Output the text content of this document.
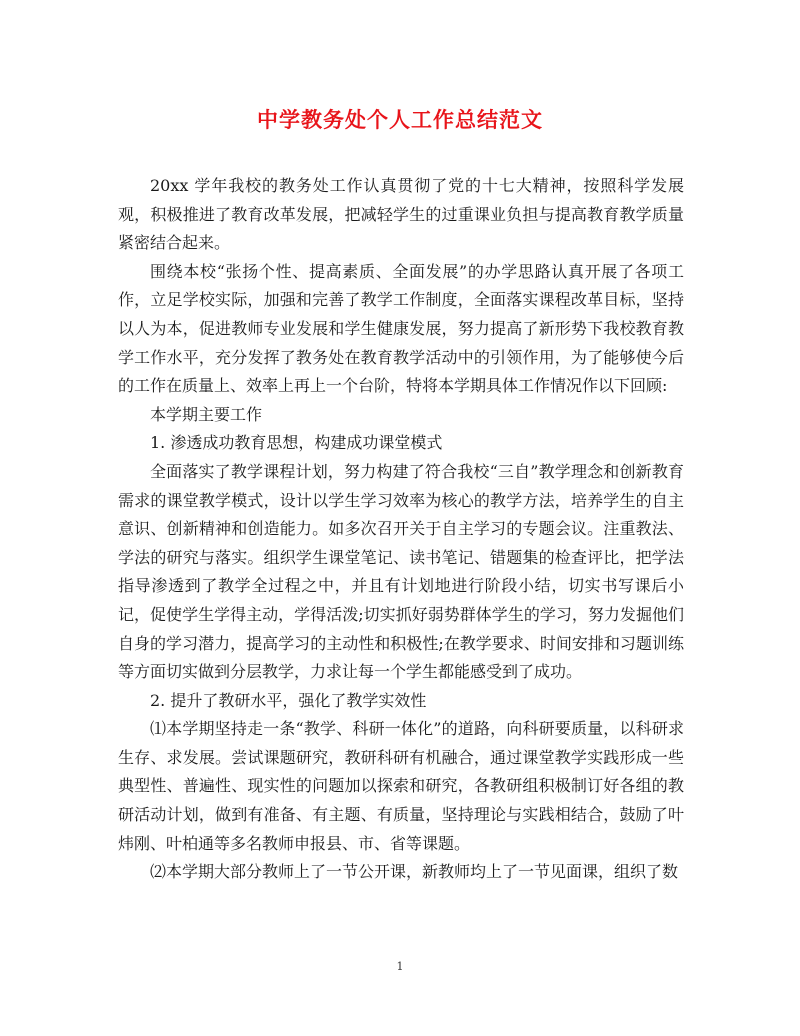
中学教务处个人工作总结范文

20xx 学年我校的教务处工作认真贯彻了党的十七大精神，按照科学发展观，积极推进了教育改革发展，把减轻学生的过重课业负担与提高教育教学质量紧密结合起来。

围绕本校“张扬个性、提高素质、全面发展”的办学思路认真开展了各项工作，立足学校实际，加强和完善了教学工作制度，全面落实课程改革目标，坚持以人为本，促进教师专业发展和学生健康发展，努力提高了新形势下我校教育教学工作水平，充分发挥了教务处在教育教学活动中的引领作用，为了能够使今后的工作在质量上、效率上再上一个台阶，特将本学期具体工作情况作以下回顾:

本学期主要工作

1. 渗透成功教育思想，构建成功课堂模式

全面落实了教学课程计划，努力构建了符合我校“三自”教学理念和创新教育需求的课堂教学模式，设计以学生学习效率为核心的教学方法，培养学生的自主意识、创新精神和创造能力。如多次召开关于自主学习的专题会议。注重教法、学法的研究与落实。组织学生课堂笔记、读书笔记、错题集的检查评比，把学法指导渗透到了教学全过程之中，并且有计划地进行阶段小结，切实书写课后小记，促使学生学得主动，学得活泼;切实抓好弱势群体学生的学习，努力发掘他们自身的学习潜力，提高学习的主动性和积极性;在教学要求、时间安排和习题训练等方面切实做到分层教学，力求让每一个学生都能感受到了成功。

2. 提升了教研水平，强化了教学实效性

⑴本学期坚持走一条“教学、科研一体化”的道路，向科研要质量，以科研求生存、求发展。尝试课题研究，教研科研有机融合，通过课堂教学实践形成一些典型性、普遍性、现实性的问题加以探索和研究，各教研组积极制订好各组的教研活动计划，做到有准备、有主题、有质量，坚持理论与实践相结合，鼓励了叶炜刚、叶柏通等多名教师申报县、市、省等课题。

⑵本学期大部分教师上了一节公开课，新教师均上了一节见面课，组织了数

1
